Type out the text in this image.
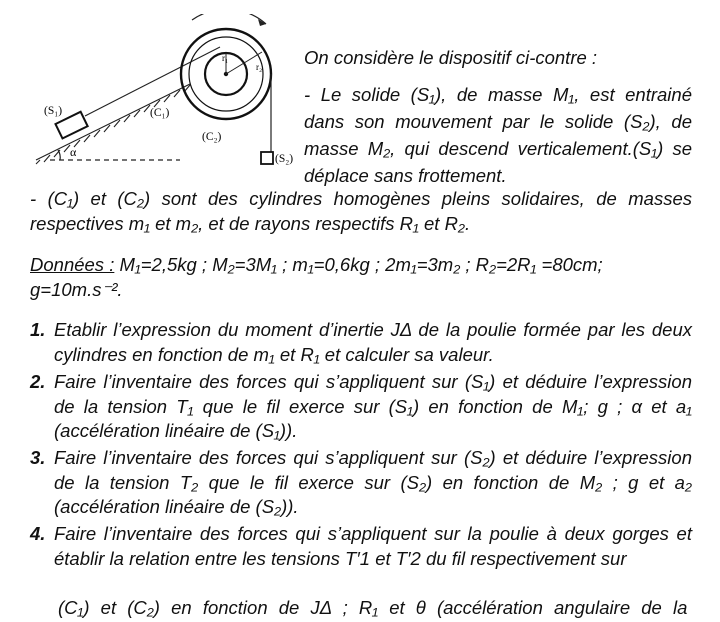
(S₁)	(C₁)
(C₂)
(S₂)
r₁
r₂
α

On considère le dispositif ci-contre :

- Le solide (S₁), de masse M₁, est entrainé dans son mouvement par le solide (S₂), de masse M₂, qui descend verticalement.(S₁) se déplace sans frottement.

- (C₁) et (C₂) sont des cylindres homogènes pleins solidaires, de masses respectives m₁ et m₂, et de rayons respectifs R₁ et R₂.
Données : M₁=2,5kg ; M₂=3M₁ ; m₁=0,6kg ; 2m₁=3m₂ ; R₂=2R₁ =80cm; g=10m.s⁻².
1. Etablir l’expression du moment d’inertie JΔ de la poulie formée par les deux cylindres en fonction de m₁ et R₁ et calculer sa valeur.
2. Faire l’inventaire des forces qui s’appliquent sur (S₁) et déduire l’expression de la tension T₁ que le fil exerce sur (S₁) en fonction de M₁; g ; α et a₁ (accélération linéaire de (S₁)).
3. Faire l’inventaire des forces qui s’appliquent sur (S₂) et déduire l’expression de la tension T₂ que le fil exerce sur (S₂) en fonction de M₂ ; g et a₂ (accélération linéaire de (S₂)).
4. Faire l’inventaire des forces qui s’appliquent sur la poulie à deux gorges et établir la relation entre les tensions T′1 et T′2 du fil respectivement sur
(C₁) et (C₂) en fonction de JΔ ; R₁ et θ (accélération angulaire de la
